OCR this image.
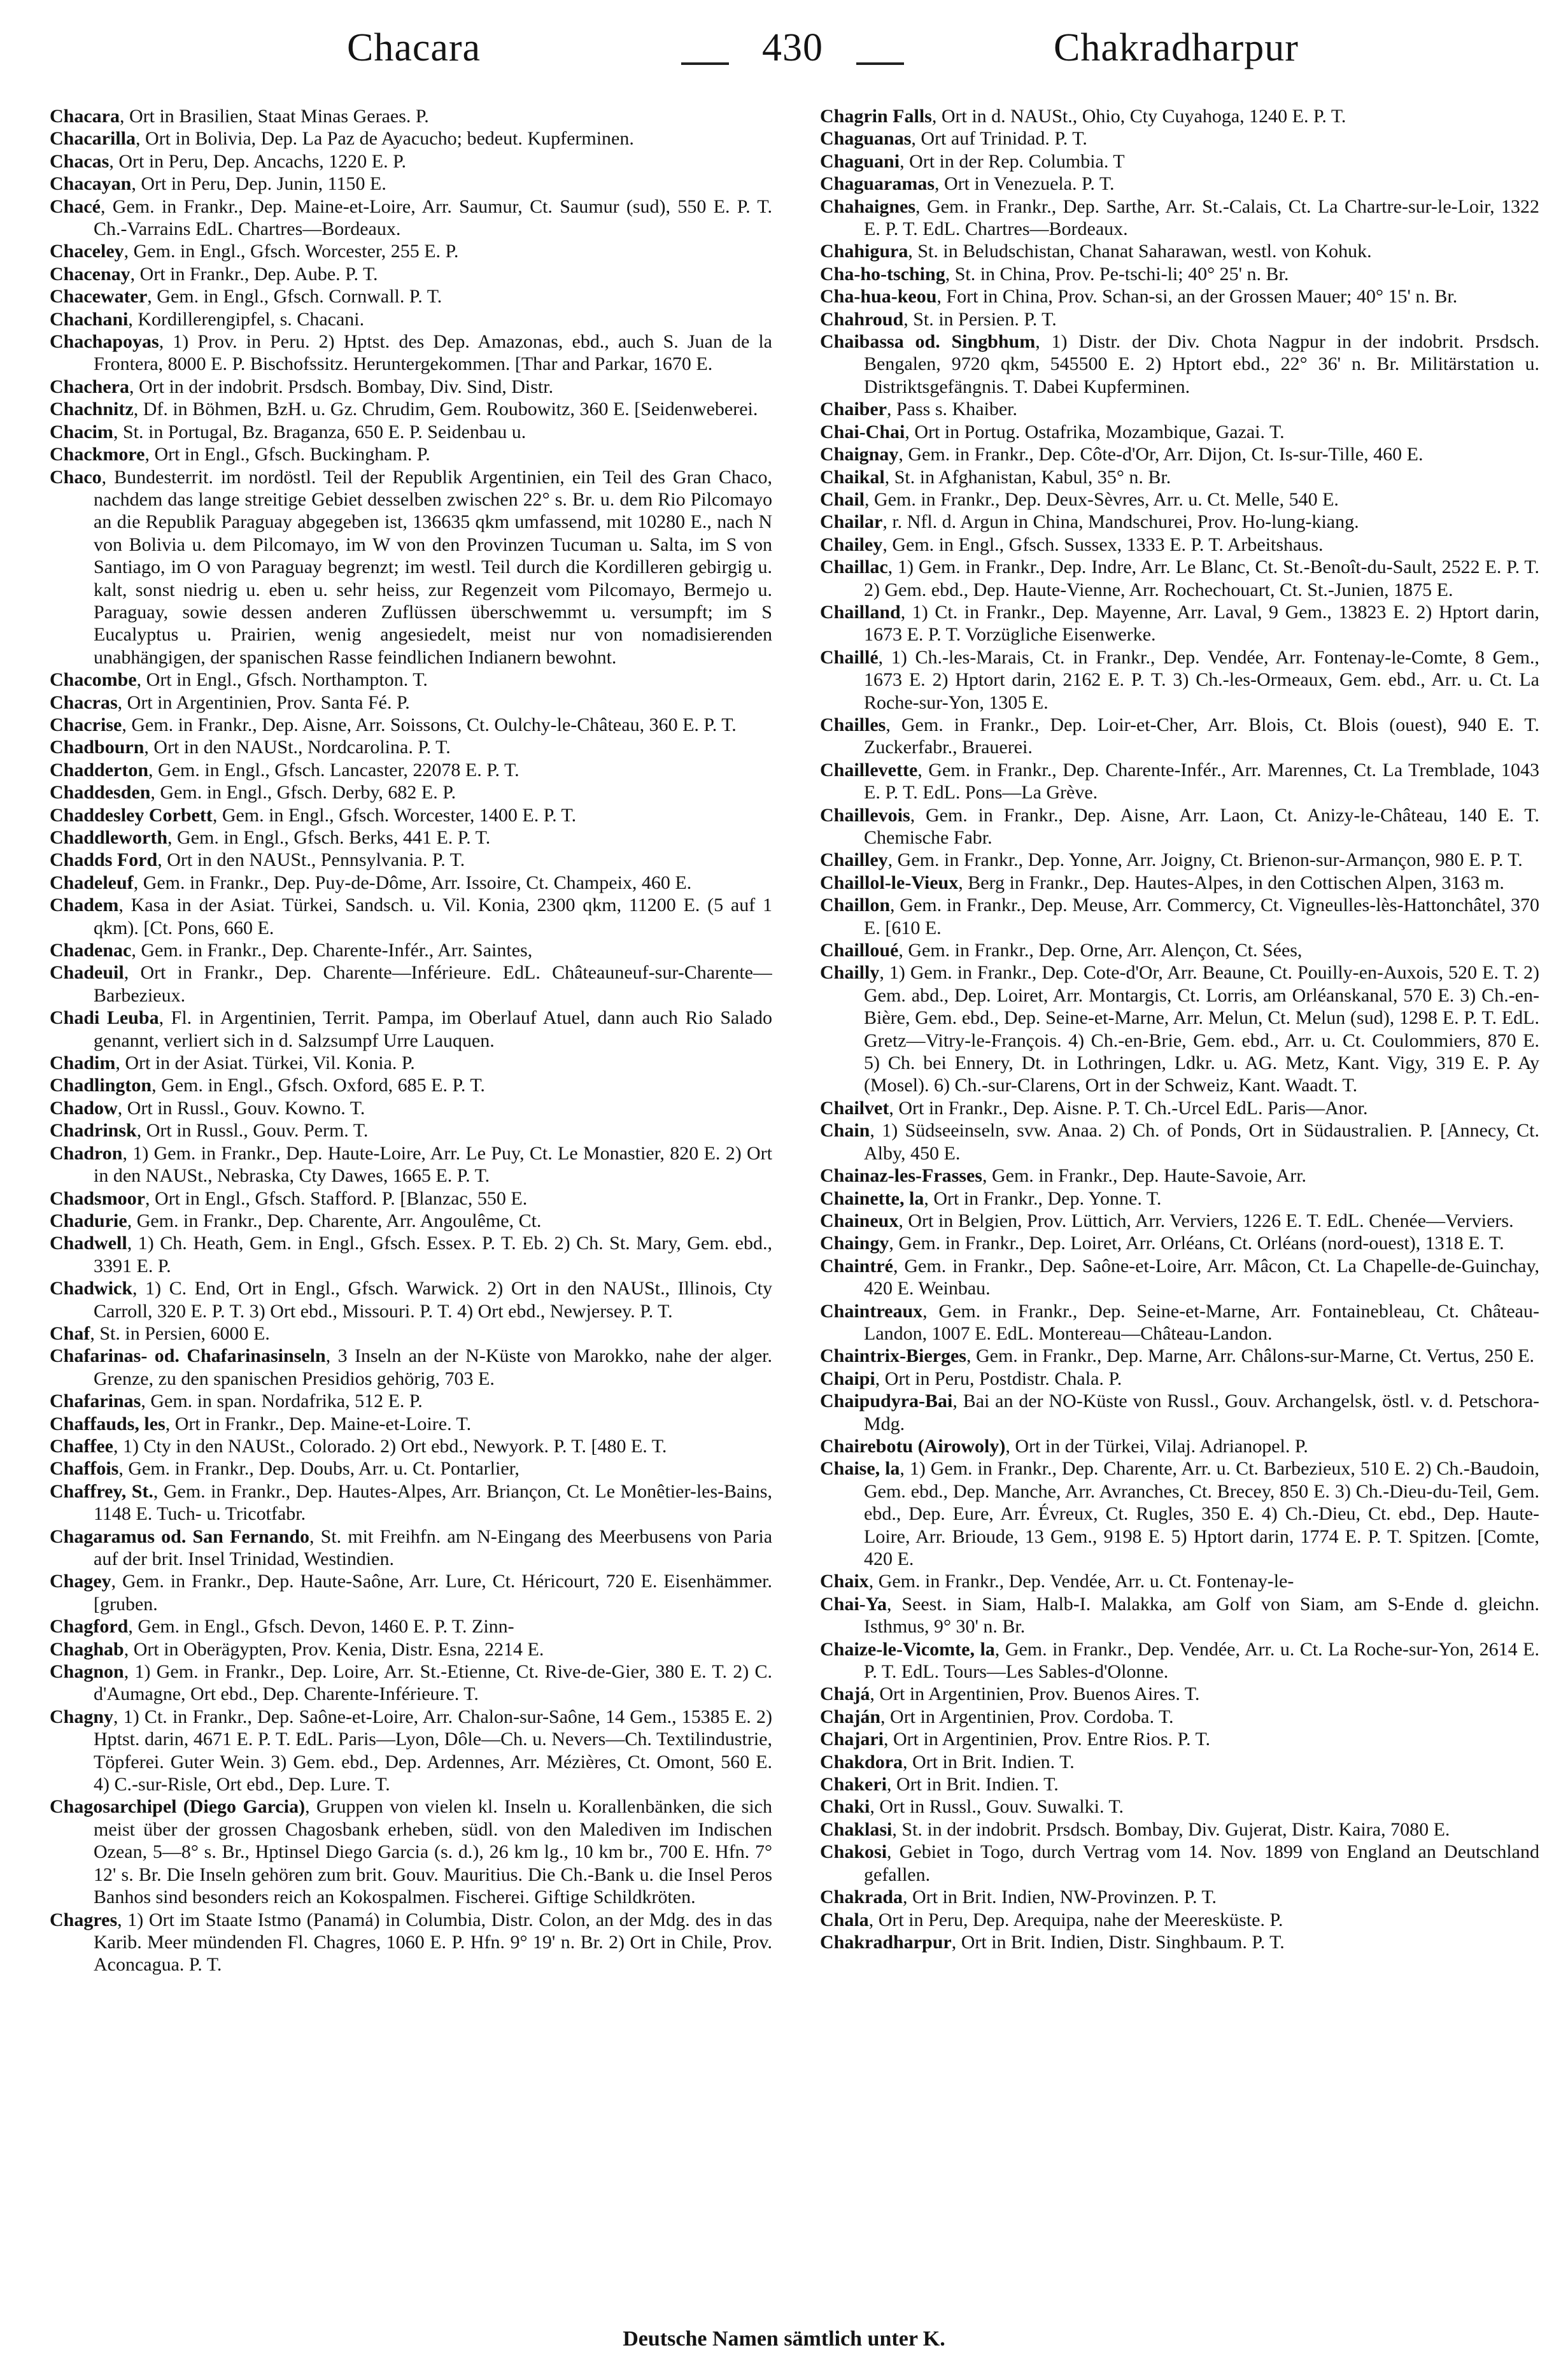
Chacara	430	Chakradharpur

Chacara, Ort in Brasilien, Staat Minas Geraes. P.

Chacarilla, Ort in Bolivia, Dep. La Paz de Ayacucho; bedeut. Kupferminen.

Chacas, Ort in Peru, Dep. Ancachs, 1220 E. P.

Chacayan, Ort in Peru, Dep. Junin, 1150 E.

Chacé, Gem. in Frankr., Dep. Maine-et-Loire, Arr. Saumur, Ct. Saumur (sud), 550 E. P. T. Ch.-Varrains EdL. Chartres—Bordeaux.

Chaceley, Gem. in Engl., Gfsch. Worcester, 255 E. P.

Chacenay, Ort in Frankr., Dep. Aube. P. T.

Chacewater, Gem. in Engl., Gfsch. Cornwall. P. T.

Chachani, Kordillerengipfel, s. Chacani.

Chachapoyas, 1) Prov. in Peru. 2) Hptst. des Dep. Amazonas, ebd., auch S. Juan de la Frontera, 8000 E. P. Bischofssitz. Heruntergekommen. [Thar and Parkar, 1670 E.

Chachera, Ort in der indobrit. Prsdsch. Bombay, Div. Sind, Distr.

Chachnitz, Df. in Böhmen, BzH. u. Gz. Chrudim, Gem. Roubowitz, 360 E. [Seidenweberei.

Chacim, St. in Portugal, Bz. Braganza, 650 E. P. Seidenbau u.

Chackmore, Ort in Engl., Gfsch. Buckingham. P.

Chaco, Bundesterrit. im nordöstl. Teil der Republik Argentinien, ein Teil des Gran Chaco, nachdem das lange streitige Gebiet desselben zwischen 22° s. Br. u. dem Rio Pilcomayo an die Republik Paraguay abgegeben ist, 136635 qkm umfassend, mit 10280 E., nach N von Bolivia u. dem Pilcomayo, im W von den Provinzen Tucuman u. Salta, im S von Santiago, im O von Paraguay begrenzt; im westl. Teil durch die Kordilleren gebirgig u. kalt, sonst niedrig u. eben u. sehr heiss, zur Regenzeit vom Pilcomayo, Bermejo u. Paraguay, sowie dessen anderen Zuflüssen überschwemmt u. versumpft; im S Eucalyptus u. Prairien, wenig angesiedelt, meist nur von nomadisierenden unabhängigen, der spanischen Rasse feindlichen Indianern bewohnt.

Chacombe, Ort in Engl., Gfsch. Northampton. T.

Chacras, Ort in Argentinien, Prov. Santa Fé. P.

Chacrise, Gem. in Frankr., Dep. Aisne, Arr. Soissons, Ct. Oulchy-le-Château, 360 E. P. T.

Chadbourn, Ort in den NAUSt., Nordcarolina. P. T.

Chadderton, Gem. in Engl., Gfsch. Lancaster, 22078 E. P. T.

Chaddesden, Gem. in Engl., Gfsch. Derby, 682 E. P.

Chaddesley Corbett, Gem. in Engl., Gfsch. Worcester, 1400 E. P. T.

Chaddleworth, Gem. in Engl., Gfsch. Berks, 441 E. P. T.

Chadds Ford, Ort in den NAUSt., Pennsylvania. P. T.

Chadeleuf, Gem. in Frankr., Dep. Puy-de-Dôme, Arr. Issoire, Ct. Champeix, 460 E.

Chadem, Kasa in der Asiat. Türkei, Sandsch. u. Vil. Konia, 2300 qkm, 11200 E. (5 auf 1 qkm). [Ct. Pons, 660 E.

Chadenac, Gem. in Frankr., Dep. Charente-Infér., Arr. Saintes,

Chadeuil, Ort in Frankr., Dep. Charente—Inférieure. EdL. Châteauneuf-sur-Charente—Barbezieux.

Chadi Leuba, Fl. in Argentinien, Territ. Pampa, im Oberlauf Atuel, dann auch Rio Salado genannt, verliert sich in d. Salzsumpf Urre Lauquen.

Chadim, Ort in der Asiat. Türkei, Vil. Konia. P.

Chadlington, Gem. in Engl., Gfsch. Oxford, 685 E. P. T.

Chadow, Ort in Russl., Gouv. Kowno. T.

Chadrinsk, Ort in Russl., Gouv. Perm. T.

Chadron, 1) Gem. in Frankr., Dep. Haute-Loire, Arr. Le Puy, Ct. Le Monastier, 820 E. 2) Ort in den NAUSt., Nebraska, Cty Dawes, 1665 E. P. T.

Chadsmoor, Ort in Engl., Gfsch. Stafford. P. [Blanzac, 550 E.

Chadurie, Gem. in Frankr., Dep. Charente, Arr. Angoulême, Ct.

Chadwell, 1) Ch. Heath, Gem. in Engl., Gfsch. Essex. P. T. Eb. 2) Ch. St. Mary, Gem. ebd., 3391 E. P.

Chadwick, 1) C. End, Ort in Engl., Gfsch. Warwick. 2) Ort in den NAUSt., Illinois, Cty Carroll, 320 E. P. T. 3) Ort ebd., Missouri. P. T. 4) Ort ebd., Newjersey. P. T.

Chaf, St. in Persien, 6000 E.

Chafarinas- od. Chafarinasinseln, 3 Inseln an der N-Küste von Marokko, nahe der alger. Grenze, zu den spanischen Presidios gehörig, 703 E.

Chafarinas, Gem. in span. Nordafrika, 512 E. P.

Chaffauds, les, Ort in Frankr., Dep. Maine-et-Loire. T.

Chaffee, 1) Cty in den NAUSt., Colorado. 2) Ort ebd., Newyork. P. T. [480 E. T.

Chaffois, Gem. in Frankr., Dep. Doubs, Arr. u. Ct. Pontarlier,

Chaffrey, St., Gem. in Frankr., Dep. Hautes-Alpes, Arr. Briançon, Ct. Le Monêtier-les-Bains, 1148 E. Tuch- u. Tricotfabr.

Chagaramus od. San Fernando, St. mit Freihfn. am N-Eingang des Meerbusens von Paria auf der brit. Insel Trinidad, Westindien.

Chagey, Gem. in Frankr., Dep. Haute-Saône, Arr. Lure, Ct. Héricourt, 720 E. Eisenhämmer. [gruben.

Chagford, Gem. in Engl., Gfsch. Devon, 1460 E. P. T. Zinn-

Chaghab, Ort in Oberägypten, Prov. Kenia, Distr. Esna, 2214 E.

Chagnon, 1) Gem. in Frankr., Dep. Loire, Arr. St.-Etienne, Ct. Rive-de-Gier, 380 E. T. 2) C. d'Aumagne, Ort ebd., Dep. Charente-Inférieure. T.

Chagny, 1) Ct. in Frankr., Dep. Saône-et-Loire, Arr. Chalon-sur-Saône, 14 Gem., 15385 E. 2) Hptst. darin, 4671 E. P. T. EdL. Paris—Lyon, Dôle—Ch. u. Nevers—Ch. Textilindustrie, Töpferei. Guter Wein. 3) Gem. ebd., Dep. Ardennes, Arr. Mézières, Ct. Omont, 560 E. 4) C.-sur-Risle, Ort ebd., Dep. Lure. T.

Chagosarchipel (Diego Garcia), Gruppen von vielen kl. Inseln u. Korallenbänken, die sich meist über der grossen Chagosbank erheben, südl. von den Malediven im Indischen Ozean, 5—8° s. Br., Hptinsel Diego Garcia (s. d.), 26 km lg., 10 km br., 700 E. Hfn. 7° 12' s. Br. Die Inseln gehören zum brit. Gouv. Mauritius. Die Ch.-Bank u. die Insel Peros Banhos sind besonders reich an Kokospalmen. Fischerei. Giftige Schildkröten.

Chagres, 1) Ort im Staate Istmo (Panamá) in Columbia, Distr. Colon, an der Mdg. des in das Karib. Meer mündenden Fl. Chagres, 1060 E. P. Hfn. 9° 19' n. Br. 2) Ort in Chile, Prov. Aconcagua. P. T.

Chagrin Falls, Ort in d. NAUSt., Ohio, Cty Cuyahoga, 1240 E. P. T.

Chaguanas, Ort auf Trinidad. P. T.

Chaguani, Ort in der Rep. Columbia. T

Chaguaramas, Ort in Venezuela. P. T.

Chahaignes, Gem. in Frankr., Dep. Sarthe, Arr. St.-Calais, Ct. La Chartre-sur-le-Loir, 1322 E. P. T. EdL. Chartres—Bordeaux.

Chahigura, St. in Beludschistan, Chanat Saharawan, westl. von Kohuk.

Cha-ho-tsching, St. in China, Prov. Pe-tschi-li; 40° 25' n. Br.

Cha-hua-keou, Fort in China, Prov. Schan-si, an der Grossen Mauer; 40° 15' n. Br.

Chahroud, St. in Persien. P. T.

Chaibassa od. Singbhum, 1) Distr. der Div. Chota Nagpur in der indobrit. Prsdsch. Bengalen, 9720 qkm, 545500 E. 2) Hptort ebd., 22° 36' n. Br. Militärstation u. Distriktsgefängnis. T. Dabei Kupferminen.

Chaiber, Pass s. Khaiber.

Chai-Chai, Ort in Portug. Ostafrika, Mozambique, Gazai. T.

Chaignay, Gem. in Frankr., Dep. Côte-d'Or, Arr. Dijon, Ct. Is-sur-Tille, 460 E.

Chaikal, St. in Afghanistan, Kabul, 35° n. Br.

Chail, Gem. in Frankr., Dep. Deux-Sèvres, Arr. u. Ct. Melle, 540 E.

Chailar, r. Nfl. d. Argun in China, Mandschurei, Prov. Ho-lung-kiang.

Chailey, Gem. in Engl., Gfsch. Sussex, 1333 E. P. T. Arbeitshaus.

Chaillac, 1) Gem. in Frankr., Dep. Indre, Arr. Le Blanc, Ct. St.-Benoît-du-Sault, 2522 E. P. T. 2) Gem. ebd., Dep. Haute-Vienne, Arr. Rochechouart, Ct. St.-Junien, 1875 E.

Chailland, 1) Ct. in Frankr., Dep. Mayenne, Arr. Laval, 9 Gem., 13823 E. 2) Hptort darin, 1673 E. P. T. Vorzügliche Eisenwerke.

Chaillé, 1) Ch.-les-Marais, Ct. in Frankr., Dep. Vendée, Arr. Fontenay-le-Comte, 8 Gem., 1673 E. 2) Hptort darin, 2162 E. P. T. 3) Ch.-les-Ormeaux, Gem. ebd., Arr. u. Ct. La Roche-sur-Yon, 1305 E.

Chailles, Gem. in Frankr., Dep. Loir-et-Cher, Arr. Blois, Ct. Blois (ouest), 940 E. T. Zuckerfabr., Brauerei.

Chaillevette, Gem. in Frankr., Dep. Charente-Infér., Arr. Marennes, Ct. La Tremblade, 1043 E. P. T. EdL. Pons—La Grève.

Chaillevois, Gem. in Frankr., Dep. Aisne, Arr. Laon, Ct. Anizy-le-Château, 140 E. T. Chemische Fabr.

Chailley, Gem. in Frankr., Dep. Yonne, Arr. Joigny, Ct. Brienon-sur-Armançon, 980 E. P. T.

Chaillol-le-Vieux, Berg in Frankr., Dep. Hautes-Alpes, in den Cottischen Alpen, 3163 m.

Chaillon, Gem. in Frankr., Dep. Meuse, Arr. Commercy, Ct. Vigneulles-lès-Hattonchâtel, 370 E. [610 E.

Chailloué, Gem. in Frankr., Dep. Orne, Arr. Alençon, Ct. Sées,

Chailly, 1) Gem. in Frankr., Dep. Cote-d'Or, Arr. Beaune, Ct. Pouilly-en-Auxois, 520 E. T. 2) Gem. abd., Dep. Loiret, Arr. Montargis, Ct. Lorris, am Orléanskanal, 570 E. 3) Ch.-en-Bière, Gem. ebd., Dep. Seine-et-Marne, Arr. Melun, Ct. Melun (sud), 1298 E. P. T. EdL. Gretz—Vitry-le-François. 4) Ch.-en-Brie, Gem. ebd., Arr. u. Ct. Coulommiers, 870 E. 5) Ch. bei Ennery, Dt. in Lothringen, Ldkr. u. AG. Metz, Kant. Vigy, 319 E. P. Ay (Mosel). 6) Ch.-sur-Clarens, Ort in der Schweiz, Kant. Waadt. T.

Chailvet, Ort in Frankr., Dep. Aisne. P. T. Ch.-Urcel EdL. Paris—Anor.

Chain, 1) Südseeinseln, svw. Anaa. 2) Ch. of Ponds, Ort in Südaustralien. P. [Annecy, Ct. Alby, 450 E.

Chainaz-les-Frasses, Gem. in Frankr., Dep. Haute-Savoie, Arr.

Chainette, la, Ort in Frankr., Dep. Yonne. T.

Chaineux, Ort in Belgien, Prov. Lüttich, Arr. Verviers, 1226 E. T. EdL. Chenée—Verviers.

Chaingy, Gem. in Frankr., Dep. Loiret, Arr. Orléans, Ct. Orléans (nord-ouest), 1318 E. T.

Chaintré, Gem. in Frankr., Dep. Saône-et-Loire, Arr. Mâcon, Ct. La Chapelle-de-Guinchay, 420 E. Weinbau.

Chaintreaux, Gem. in Frankr., Dep. Seine-et-Marne, Arr. Fontainebleau, Ct. Château-Landon, 1007 E. EdL. Montereau—Château-Landon.

Chaintrix-Bierges, Gem. in Frankr., Dep. Marne, Arr. Châlons-sur-Marne, Ct. Vertus, 250 E.

Chaipi, Ort in Peru, Postdistr. Chala. P.

Chaipudyra-Bai, Bai an der NO-Küste von Russl., Gouv. Archangelsk, östl. v. d. Petschora-Mdg.

Chairebotu (Airowoly), Ort in der Türkei, Vilaj. Adrianopel. P.

Chaise, la, 1) Gem. in Frankr., Dep. Charente, Arr. u. Ct. Barbezieux, 510 E. 2) Ch.-Baudoin, Gem. ebd., Dep. Manche, Arr. Avranches, Ct. Brecey, 850 E. 3) Ch.-Dieu-du-Teil, Gem. ebd., Dep. Eure, Arr. Évreux, Ct. Rugles, 350 E. 4) Ch.-Dieu, Ct. ebd., Dep. Haute-Loire, Arr. Brioude, 13 Gem., 9198 E. 5) Hptort darin, 1774 E. P. T. Spitzen. [Comte, 420 E.

Chaix, Gem. in Frankr., Dep. Vendée, Arr. u. Ct. Fontenay-le-

Chai-Ya, Seest. in Siam, Halb-I. Malakka, am Golf von Siam, am S-Ende d. gleichn. Isthmus, 9° 30' n. Br.

Chaize-le-Vicomte, la, Gem. in Frankr., Dep. Vendée, Arr. u. Ct. La Roche-sur-Yon, 2614 E. P. T. EdL. Tours—Les Sables-d'Olonne.

Chajá, Ort in Argentinien, Prov. Buenos Aires. T.

Chaján, Ort in Argentinien, Prov. Cordoba. T.

Chajari, Ort in Argentinien, Prov. Entre Rios. P. T.

Chakdora, Ort in Brit. Indien. T.

Chakeri, Ort in Brit. Indien. T.

Chaki, Ort in Russl., Gouv. Suwalki. T.

Chaklasi, St. in der indobrit. Prsdsch. Bombay, Div. Gujerat, Distr. Kaira, 7080 E.

Chakosi, Gebiet in Togo, durch Vertrag vom 14. Nov. 1899 von England an Deutschland gefallen.

Chakrada, Ort in Brit. Indien, NW-Provinzen. P. T.

Chala, Ort in Peru, Dep. Arequipa, nahe der Meeresküste. P.

Chakradharpur, Ort in Brit. Indien, Distr. Singhbaum. P. T.

Deutsche Namen sämtlich unter K.
